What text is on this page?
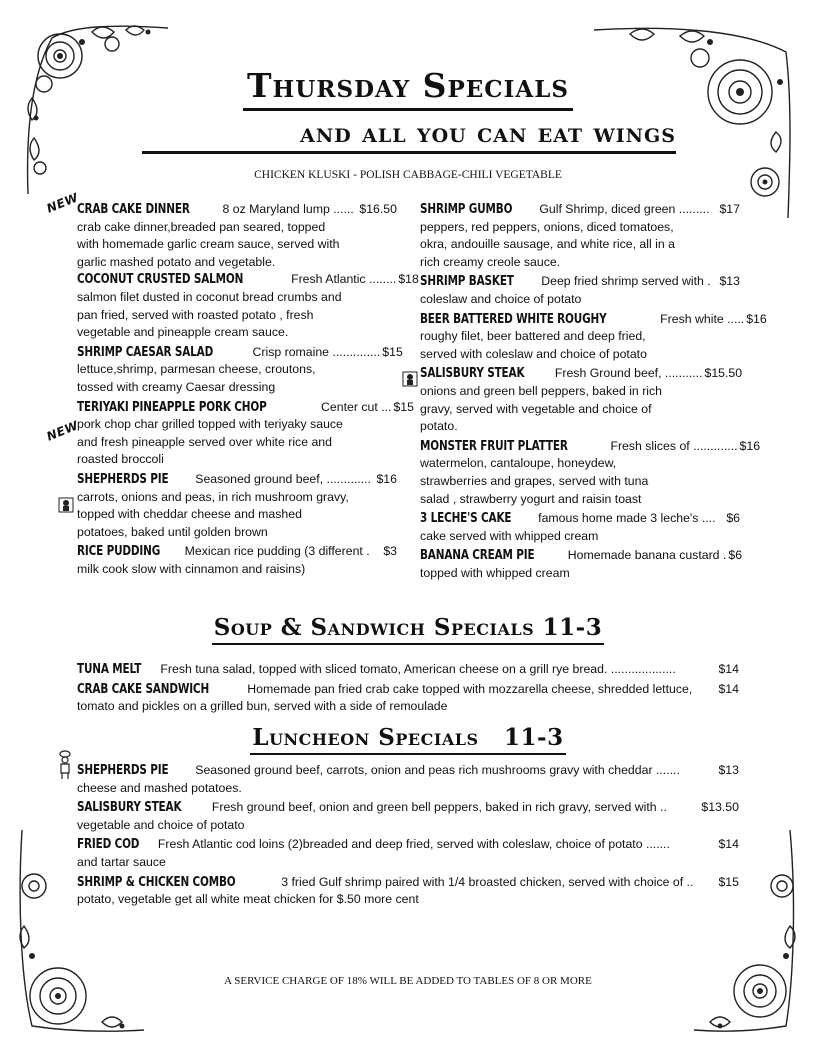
Thursday Specials
and all you can eat wings
CHICKEN KLUSKI - POLISH CABBAGE-CHILI VEGETABLE
NEW
NEW
CRAB CAKE DINNER	8 oz Maryland lump ...... $16.50
crab cake dinner,breaded pan seared, topped with homemade garlic cream sauce, served with garlic mashed potato and vegetable.
COCONUT CRUSTED SALMON	Fresh Atlantic ........ $18
salmon filet dusted in coconut bread crumbs and pan fried, served with roasted potato , fresh vegetable and pineapple cream sauce.
SHRIMP CAESAR SALAD	Crisp romaine .............. $15
lettuce,shrimp, parmesan cheese, croutons, tossed with creamy Caesar dressing
TERIYAKI PINEAPPLE PORK CHOP	Center cut ... $15
pork chop char grilled topped with teriyaky sauce and fresh pineapple served over white rice and roasted broccoli
SHEPHERDS PIE	Seasoned ground beef, ............. $16
carrots, onions and peas, in rich mushroom gravy, topped with cheddar cheese and mashed potatoes, baked until golden brown
RICE PUDDING	Mexican rice pudding (3 different .	$3
milk cook slow with cinnamon and raisins)
SHRIMP GUMBO	Gulf Shrimp, diced green ......... $17
peppers, red peppers, onions, diced tomatoes, okra, andouille sausage, and white rice, all in a rich creamy creole sauce.
SHRIMP BASKET	Deep fried shrimp served with . $13
coleslaw and choice of potato
BEER BATTERED WHITE ROUGHY	Fresh white ..... $16
roughy filet, beer battered and deep fried, served with coleslaw and choice of potato
SALISBURY STEAK	Fresh Ground beef, ........... $15.50
onions and green bell peppers, baked in rich gravy, served with vegetable and choice of potato.
MONSTER FRUIT PLATTER	Fresh slices of ............. $16
watermelon, cantaloupe, honeydew, strawberries and grapes, served with tuna salad , strawberry yogurt and raisin toast
3 LECHE'S CAKE	famous home made 3 leche's .... $6
cake served with whipped cream
BANANA CREAM PIE	Homemade banana custard . $6
topped with whipped cream
Soup & Sandwich Specials 11-3
TUNA MELT	Fresh tuna salad, topped with sliced tomato, American cheese on a grill rye bread. ...................	$14
CRAB CAKE SANDWICH	Homemade pan fried crab cake topped with mozzarella cheese, shredded lettuce,	$14
tomato and pickles on a grilled bun, served with a side of remoulade
Luncheon Specials   11-3
SHEPHERDS PIE	Seasoned ground beef, carrots, onion and peas rich mushrooms gravy with cheddar .......	$13
cheese and mashed potatoes.
SALISBURY STEAK	Fresh ground beef, onion and green bell peppers, baked in rich gravy, served with ..	$13.50
vegetable and choice of potato
FRIED COD	Fresh Atlantic cod loins (2)breaded and deep fried, served with coleslaw, choice of potato .......	$14
and tartar sauce
SHRIMP & CHICKEN COMBO	3 fried Gulf shrimp paired with 1/4 broasted chicken, served with choice of ..	$15
potato, vegetable get all white meat chicken for $.50 more cent
A SERVICE CHARGE OF 18% WILL BE ADDED TO TABLES OF 8 OR MORE
